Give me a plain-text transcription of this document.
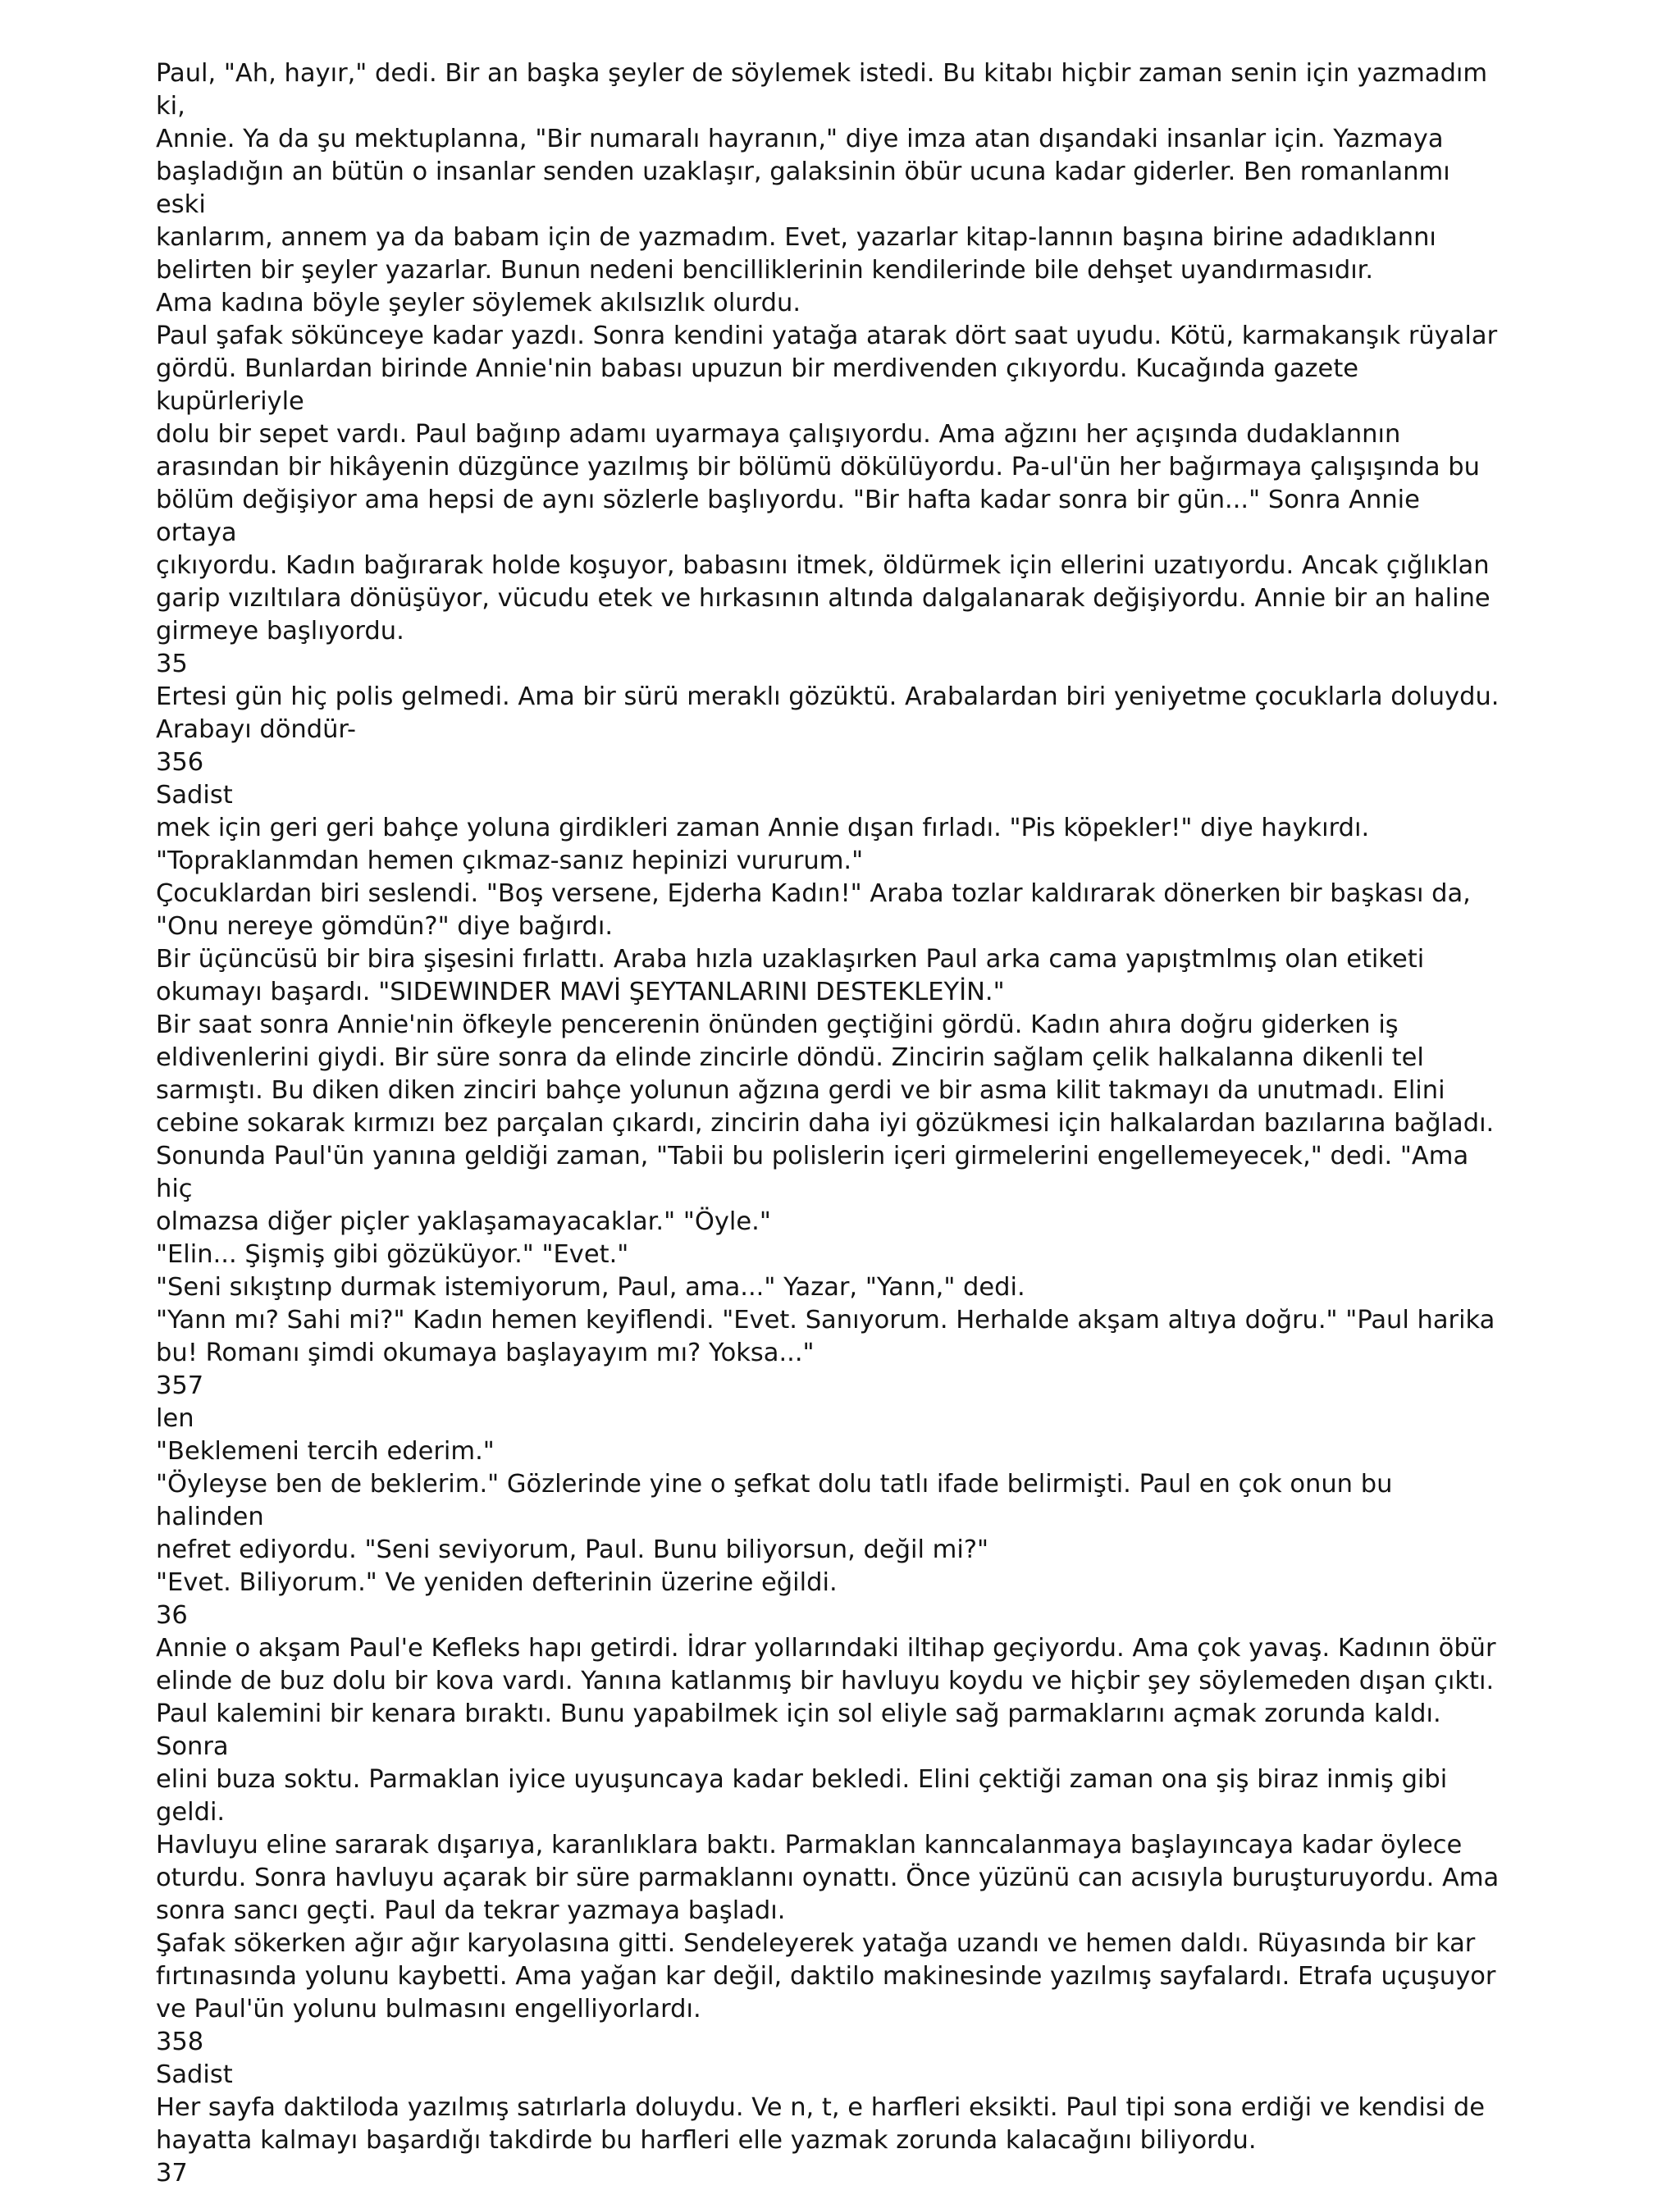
Paul, "Ah, hayır," dedi. Bir an başka şeyler de söylemek istedi. Bu kitabı hiçbir zaman senin için yazmadım ki,

Annie. Ya da şu mektuplanna, "Bir numaralı hayranın," diye imza atan dışandaki insanlar için. Yazmaya

başladığın an bütün o insanlar senden uzaklaşır, galaksinin öbür ucuna kadar giderler. Ben romanlanmı eski

kanlarım, annem ya da babam için de yazmadım. Evet, yazarlar kitap-lannın başına birine adadıklannı

belirten bir şeyler yazarlar. Bunun nedeni bencilliklerinin kendilerinde bile dehşet uyandırmasıdır.

Ama kadına böyle şeyler söylemek akılsızlık olurdu.

Paul şafak sökünceye kadar yazdı. Sonra kendini yatağa atarak dört saat uyudu. Kötü, karmakanşık rüyalar

gördü. Bunlardan birinde Annie'nin babası upuzun bir merdivenden çıkıyordu. Kucağında gazete kupürleriyle

dolu bir sepet vardı. Paul bağınp adamı uyarmaya çalışıyordu. Ama ağzını her açışında dudaklannın

arasından bir hikâyenin düzgünce yazılmış bir bölümü dökülüyordu. Pa-ul'ün her bağırmaya çalışışında bu

bölüm değişiyor ama hepsi de aynı sözlerle başlıyordu. "Bir hafta kadar sonra bir gün..." Sonra Annie ortaya

çıkıyordu. Kadın bağırarak holde koşuyor, babasını itmek, öldürmek için ellerini uzatıyordu. Ancak çığlıklan

garip vızıltılara dönüşüyor, vücudu etek ve hırkasının altında dalgalanarak değişiyordu. Annie bir an haline

girmeye başlıyordu.

35

Ertesi gün hiç polis gelmedi. Ama bir sürü meraklı gözüktü. Arabalardan biri yeniyetme çocuklarla doluydu.

Arabayı döndür-

356

Sadist

mek için geri geri bahçe yoluna girdikleri zaman Annie dışan fırladı. "Pis köpekler!" diye haykırdı.

"Topraklanmdan hemen çıkmaz-sanız hepinizi vururum."

Çocuklardan biri seslendi. "Boş versene, Ejderha Kadın!" Araba tozlar kaldırarak dönerken bir başkası da,

"Onu nereye gömdün?" diye bağırdı.

Bir üçüncüsü bir bira şişesini fırlattı. Araba hızla uzaklaşırken Paul arka cama yapıştmlmış olan etiketi

okumayı başardı. "SIDEWINDER MAVİ ŞEYTANLARINI DESTEKLEYİN."

Bir saat sonra Annie'nin öfkeyle pencerenin önünden geçtiğini gördü. Kadın ahıra doğru giderken iş

eldivenlerini giydi. Bir süre sonra da elinde zincirle döndü. Zincirin sağlam çelik halkalanna dikenli tel

sarmıştı. Bu diken diken zinciri bahçe yolunun ağzına gerdi ve bir asma kilit takmayı da unutmadı. Elini

cebine sokarak kırmızı bez parçalan çıkardı, zincirin daha iyi gözükmesi için halkalardan bazılarına bağladı.

Sonunda Paul'ün yanına geldiği zaman, "Tabii bu polislerin içeri girmelerini engellemeyecek," dedi. "Ama hiç

olmazsa diğer piçler yaklaşamayacaklar." "Öyle."

"Elin... Şişmiş gibi gözüküyor." "Evet."

"Seni sıkıştınp durmak istemiyorum, Paul, ama..." Yazar, "Yann," dedi.

"Yann mı? Sahi mi?" Kadın hemen keyiflendi. "Evet. Sanıyorum. Herhalde akşam altıya doğru." "Paul harika

bu! Romanı şimdi okumaya başlayayım mı? Yoksa..."

357

len

"Beklemeni tercih ederim."

"Öyleyse ben de beklerim." Gözlerinde yine o şefkat dolu tatlı ifade belirmişti. Paul en çok onun bu halinden

nefret ediyordu. "Seni seviyorum, Paul. Bunu biliyorsun, değil mi?"

"Evet. Biliyorum." Ve yeniden defterinin üzerine eğildi.

36

Annie o akşam Paul'e Kefleks hapı getirdi. İdrar yollarındaki iltihap geçiyordu. Ama çok yavaş. Kadının öbür

elinde de buz dolu bir kova vardı. Yanına katlanmış bir havluyu koydu ve hiçbir şey söylemeden dışan çıktı.

Paul kalemini bir kenara bıraktı. Bunu yapabilmek için sol eliyle sağ parmaklarını açmak zorunda kaldı. Sonra

elini buza soktu. Parmaklan iyice uyuşuncaya kadar bekledi. Elini çektiği zaman ona şiş biraz inmiş gibi geldi.

Havluyu eline sararak dışarıya, karanlıklara baktı. Parmaklan kanncalanmaya başlayıncaya kadar öylece

oturdu. Sonra havluyu açarak bir süre parmaklannı oynattı. Önce yüzünü can acısıyla buruşturuyordu. Ama

sonra sancı geçti. Paul da tekrar yazmaya başladı.

Şafak sökerken ağır ağır karyolasına gitti. Sendeleyerek yatağa uzandı ve hemen daldı. Rüyasında bir kar

fırtınasında yolunu kaybetti. Ama yağan kar değil, daktilo makinesinde yazılmış sayfalardı. Etrafa uçuşuyor

ve Paul'ün yolunu bulmasını engelliyorlardı.

358

Sadist

Her sayfa daktiloda yazılmış satırlarla doluydu. Ve n, t, e harfleri eksikti. Paul tipi sona erdiği ve kendisi de

hayatta kalmayı başardığı takdirde bu harfleri elle yazmak zorunda kalacağını biliyordu.

37
